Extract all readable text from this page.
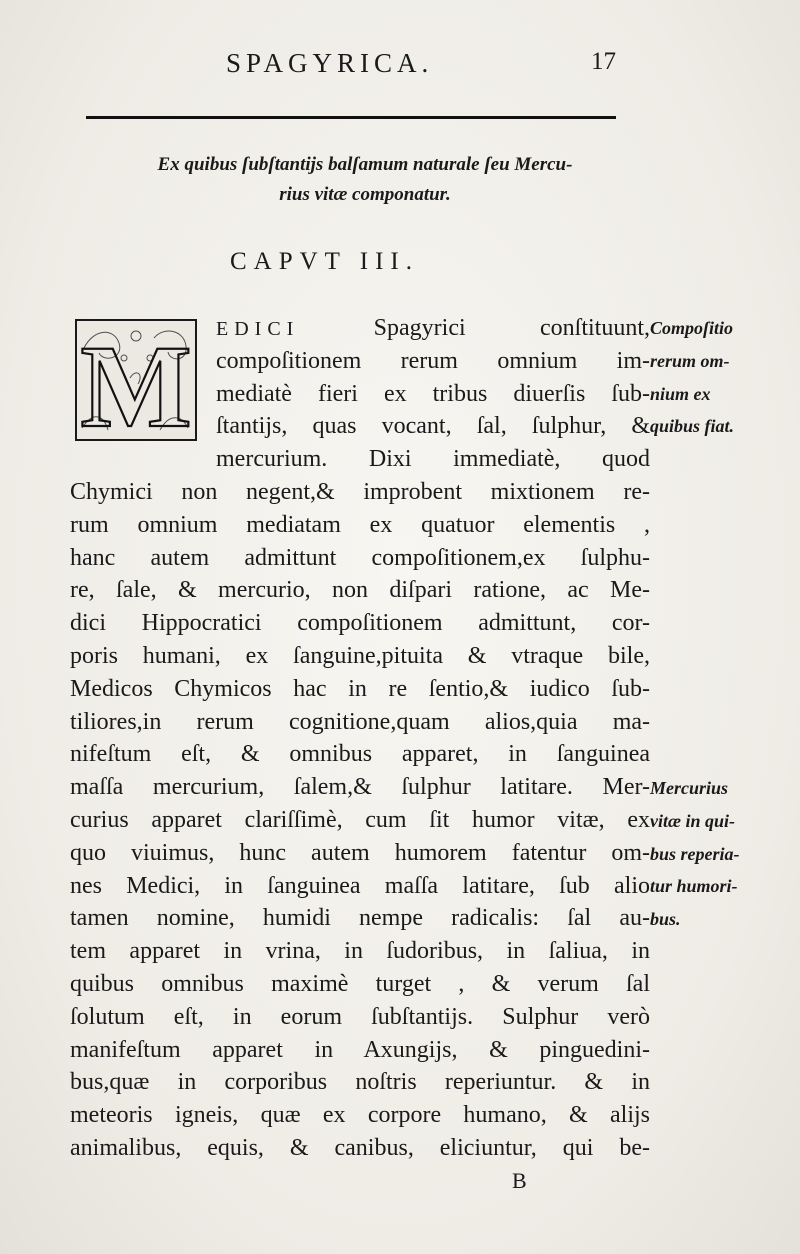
SPAGYRICA.	17
Ex quibus ſubſtantijs balſamum naturale ſeu Mercu-
rius vitæ componatur.
CAPVT III.
M EDICI Spagyrici conſtituunt,
compoſitionem rerum omnium im-
mediatè fieri ex tribus diuerſis ſub-
ſtantijs, quas vocant, ſal, ſulphur, &
mercurium. Dixi immediatè, quod
Chymici non negent,& improbent mixtionem re-
rum omnium mediatam ex quatuor elementis ,
hanc autem admittunt compoſitionem,ex ſulphu-
re, ſale, & mercurio, non diſpari ratione, ac Me-
dici Hippocratici compoſitionem admittunt, cor-
poris humani, ex ſanguine,pituita & vtraque bile,
Medicos Chymicos hac in re ſentio,& iudico ſub-
tiliores,in rerum cognitione,quam alios,quia ma-
nifeſtum eſt, & omnibus apparet, in ſanguinea
maſſa mercurium, ſalem,& ſulphur latitare. Mer-
curius apparet clariſſimè, cum ſit humor vitæ, ex
quo viuimus, hunc autem humorem fatentur om-
nes Medici, in ſanguinea maſſa latitare, ſub alio
tamen nomine, humidi nempe radicalis: ſal au-
tem apparet in vrina, in ſudoribus, in ſaliua, in
quibus omnibus maximè turget , & verum ſal
ſolutum eſt, in eorum ſubſtantijs. Sulphur verò
manifeſtum apparet in Axungijs, & pinguedini-
bus,quæ in corporibus noſtris reperiuntur. & in
meteoris igneis, quæ ex corpore humano, & alijs
animalibus, equis, & canibus, eliciuntur, qui be-
Compoſitio
rerum om-
nium ex
quibus fiat.
Mercurius
vitæ in qui-
bus reperia-
tur humori-
bus.
B
